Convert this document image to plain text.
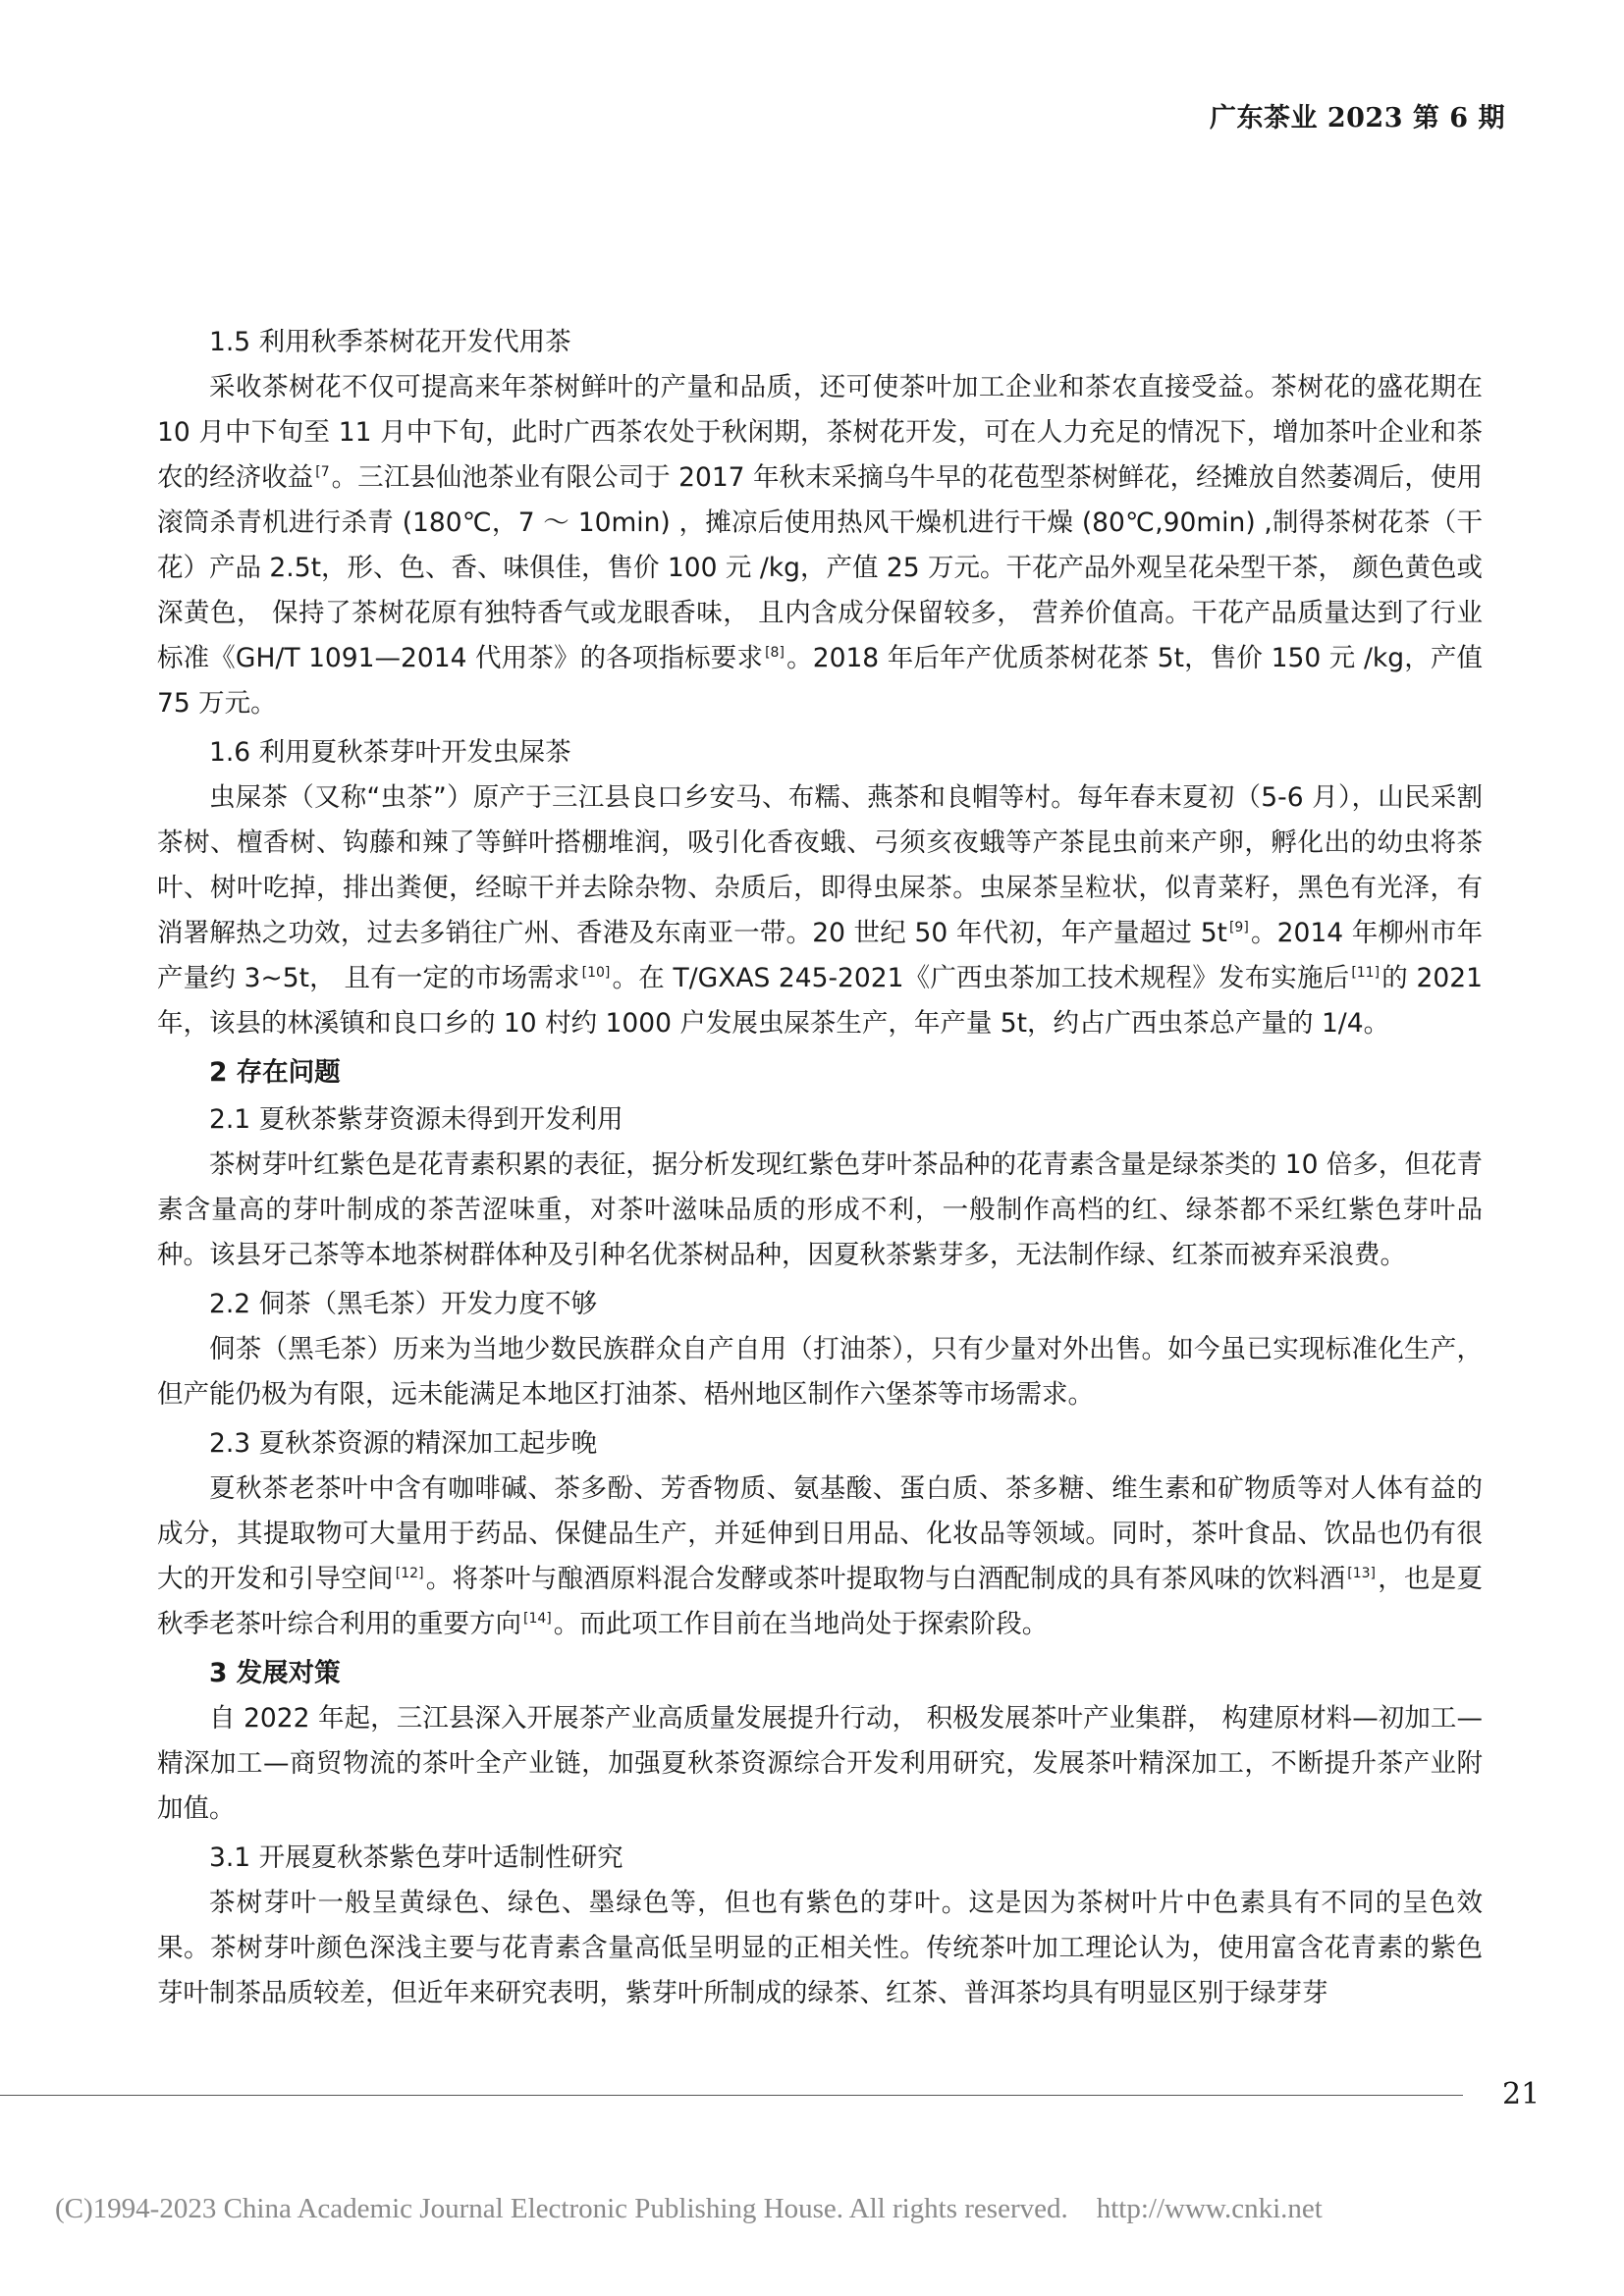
广东茶业 2023 第 6 期
1.5 利用秋季茶树花开发代用茶

采收茶树花不仅可提高来年茶树鲜叶的产量和品质，还可使茶叶加工企业和茶农直接受益。茶树花的盛花期在 10 月中下旬至 11 月中下旬，此时广西茶农处于秋闲期，茶树花开发，可在人力充足的情况下，增加茶叶企业和茶农的经济收益 $^{[7}$。三江县仙池茶业有限公司于 2017 年秋末采摘乌牛早的花苞型茶树鲜花，经摊放自然萎凋后，使用滚筒杀青机进行杀青 (180℃，7 ～ 10min) ，摊凉后使用热风干燥机进行干燥 (80℃,90min) ,制得茶树花茶（干花）产品 2.5t，形、色、香、味俱佳，售价 100 元 /kg，产值 25 万元。干花产品外观呈花朵型干茶， 颜色黄色或深黄色， 保持了茶树花原有独特香气或龙眼香味， 且内含成分保留较多， 营养价值高。干花产品质量达到了行业标准《GH/T 1091—2014 代用茶》的各项指标要求 [8]。2018 年后年产优质茶树花茶 5t，售价 150 元 /kg，产值 75 万元。

1.6 利用夏秋茶芽叶开发虫屎茶

虫屎茶（又称“虫茶”）原产于三江县良口乡安马、布糯、燕茶和良帽等村。每年春末夏初（5-6 月），山民采割茶树、檀香树、钩藤和辣了等鲜叶搭棚堆润，吸引化香夜蛾、弓须亥夜蛾等产茶昆虫前来产卵，孵化出的幼虫将茶叶、树叶吃掉，排出粪便，经晾干并去除杂物、杂质后，即得虫屎茶。虫屎茶呈粒状，似青菜籽，黑色有光泽，有消署解热之功效，过去多销往广州、香港及东南亚一带。20 世纪 50 年代初，年产量超过 5t [9]。2014 年柳州市年产量约 3~5t， 且有一定的市场需求 [10]。在 T/GXAS 245-2021《广西虫茶加工技术规程》发布实施后 [11]的 2021 年，该县的林溪镇和良口乡的 10 村约 1000 户发展虫屎茶生产，年产量 5t，约占广西虫茶总产量的 1/4。

2 存在问题
2.1 夏秋茶紫芽资源未得到开发利用

茶树芽叶红紫色是花青素积累的表征，据分析发现红紫色芽叶茶品种的花青素含量是绿茶类的 10 倍多，但花青素含量高的芽叶制成的茶苦涩味重，对茶叶滋味品质的形成不利，一般制作高档的红、绿茶都不采红紫色芽叶品种。该县牙己茶等本地茶树群体种及引种名优茶树品种，因夏秋茶紫芽多，无法制作绿、红茶而被弃采浪费。

2.2 侗茶（黑毛茶）开发力度不够

侗茶（黑毛茶）历来为当地少数民族群众自产自用（打油茶），只有少量对外出售。如今虽已实现标准化生产，但产能仍极为有限，远未能满足本地区打油茶、梧州地区制作六堡茶等市场需求。

2.3 夏秋茶资源的精深加工起步晚

夏秋茶老茶叶中含有咖啡碱、茶多酚、芳香物质、氨基酸、蛋白质、茶多糖、维生素和矿物质等对人体有益的成分，其提取物可大量用于药品、保健品生产，并延伸到日用品、化妆品等领域。同时，茶叶食品、饮品也仍有很大的开发和引导空间 [12]。将茶叶与酿酒原料混合发酵或茶叶提取物与白酒配制成的具有茶风味的饮料酒 [13]，也是夏秋季老茶叶综合利用的重要方向 [14]。而此项工作目前在当地尚处于探索阶段。

3 发展对策

自 2022 年起，三江县深入开展茶产业高质量发展提升行动， 积极发展茶叶产业集群， 构建原材料—初加工—精深加工—商贸物流的茶叶全产业链，加强夏秋茶资源综合开发利用研究，发展茶叶精深加工，不断提升茶产业附加值。

3.1 开展夏秋茶紫色芽叶适制性研究

茶树芽叶一般呈黄绿色、绿色、墨绿色等，但也有紫色的芽叶。这是因为茶树叶片中色素具有不同的呈色效果。茶树芽叶颜色深浅主要与花青素含量高低呈明显的正相关性。传统茶叶加工理论认为，使用富含花青素的紫色芽叶制茶品质较差，但近年来研究表明，紫芽叶所制成的绿茶、红茶、普洱茶均具有明显区别于绿芽芽

21
(C)1994-2023 China Academic Journal Electronic Publishing House. All rights reserved.    http://www.cnki.net
